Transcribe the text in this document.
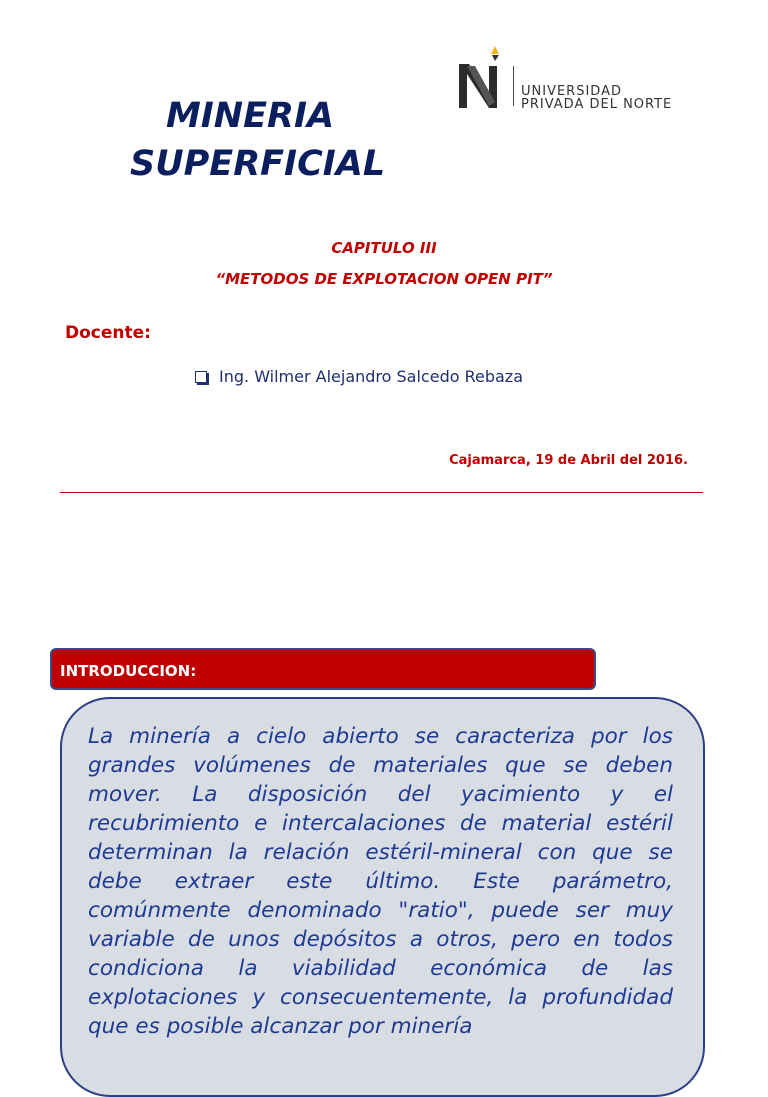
MINERIA
SUPERFICIAL
UNIVERSIDAD
PRIVADA DEL NORTE
CAPITULO III
“METODOS DE EXPLOTACION OPEN PIT”
Docente:
Ing. Wilmer Alejandro Salcedo Rebaza
Cajamarca, 19 de Abril del 2016.
INTRODUCCION:

La minería a cielo abierto se caracteriza por los grandes volúmenes de materiales que se deben mover. La disposición del yacimiento y el recubrimiento e intercalaciones de material estéril determinan la relación estéril-mineral con que se debe extraer este último. Este parámetro, comúnmente denominado "ratio", puede ser muy variable de unos depósitos a otros, pero en todos condiciona la viabilidad económica de las explotaciones y consecuentemente, la profundidad que es posible alcanzar por minería
